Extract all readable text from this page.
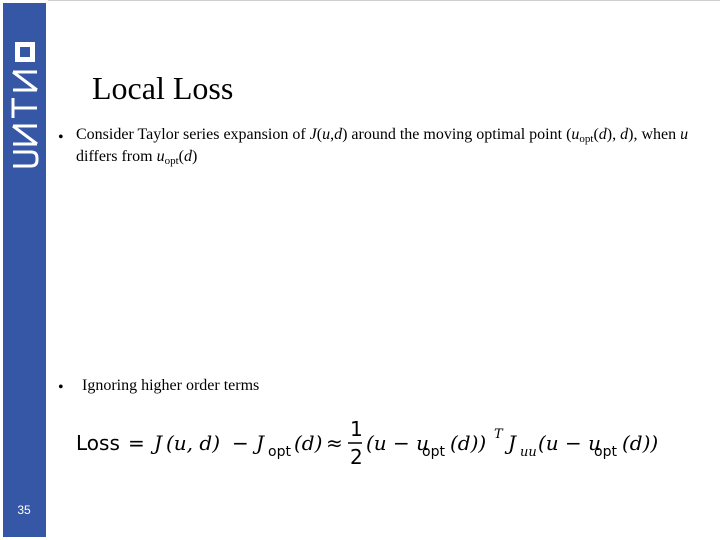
35
Local Loss
• Consider Taylor series expansion of J(u,d) around the moving optimal point ($u_{opt}(d)$, d), when u differs from $u_{opt}(d)$
• Ignoring higher order terms
Loss = J (u, d) − J opt (d) ≈
1
2
(u − u
opt (d)) T J uu (u − u
opt (d))
